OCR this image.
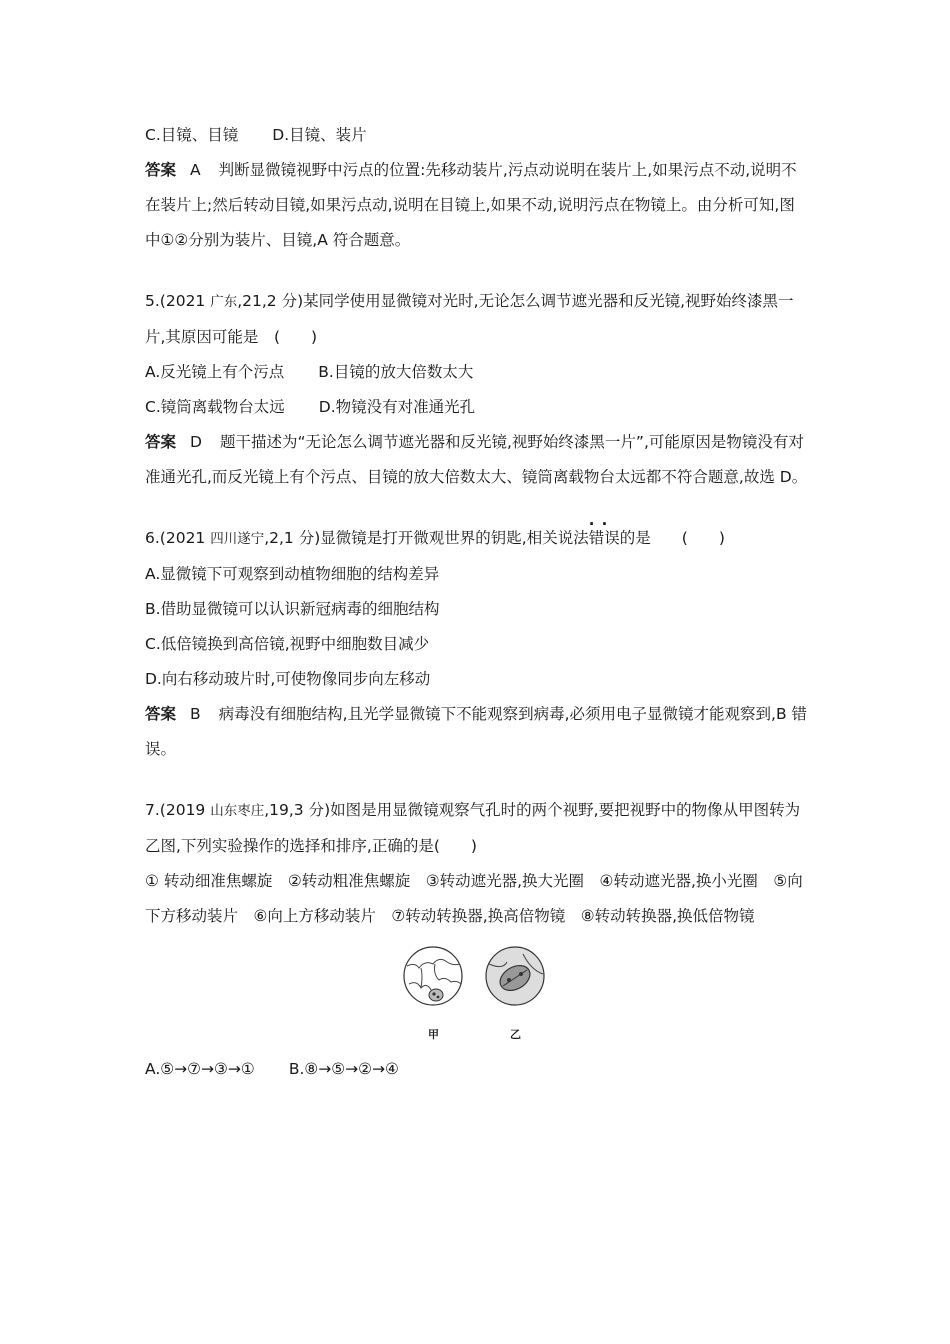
C.目镜、目镜 D.目镜、装片
答案 A 判断显微镜视野中污点的位置:先移动装片,污点动说明在装片上,如果污点不动,说明不在装片上;然后转动目镜,如果污点动,说明在目镜上,如果不动,说明污点在物镜上。由分析可知,图中①②分别为装片、目镜,A 符合题意。
5.(2021 广东,21,2 分)某同学使用显微镜对光时,无论怎么调节遮光器和反光镜,视野始终漆黑一片,其原因可能是　 (　　)
A.反光镜上有个污点 B.目镜的放大倍数太大
C.镜筒离载物台太远 D.物镜没有对准通光孔
答案 D 题干描述为“无论怎么调节遮光器和反光镜,视野始终漆黑一片”,可能原因是物镜没有对准通光孔,而反光镜上有个污点、目镜的放大倍数太大、镜筒离载物台太远都不符合题意,故选 D。
6.(2021 四川遂宁,2,1 分)显微镜是打开微观世界的钥匙,相关说法· · 错误的是　　 (　　)
A.显微镜下可观察到动植物细胞的结构差异
B.借助显微镜可以认识新冠病毒的细胞结构
C.低倍镜换到高倍镜,视野中细胞数目减少
D.向右移动玻片时,可使物像同步向左移动
答案 B 病毒没有细胞结构,且光学显微镜下不能观察到病毒,必须用电子显微镜才能观察到,B 错误。
7.(2019 山东枣庄,19,3 分)如图是用显微镜观察气孔时的两个视野,要把视野中的物像从甲图转为乙图,下列实验操作的选择和排序,正确的是(　　)
① 转动细准焦螺旋　②转动粗准焦螺旋　③转动遮光器,换大光圈　④转动遮光器,换小光圈　⑤向下方移动装片　⑥向上方移动装片　⑦转动转换器,换高倍物镜　⑧转动转换器,换低倍物镜
甲	乙
A.⑤→⑦→③→① B.⑧→⑤→②→④
